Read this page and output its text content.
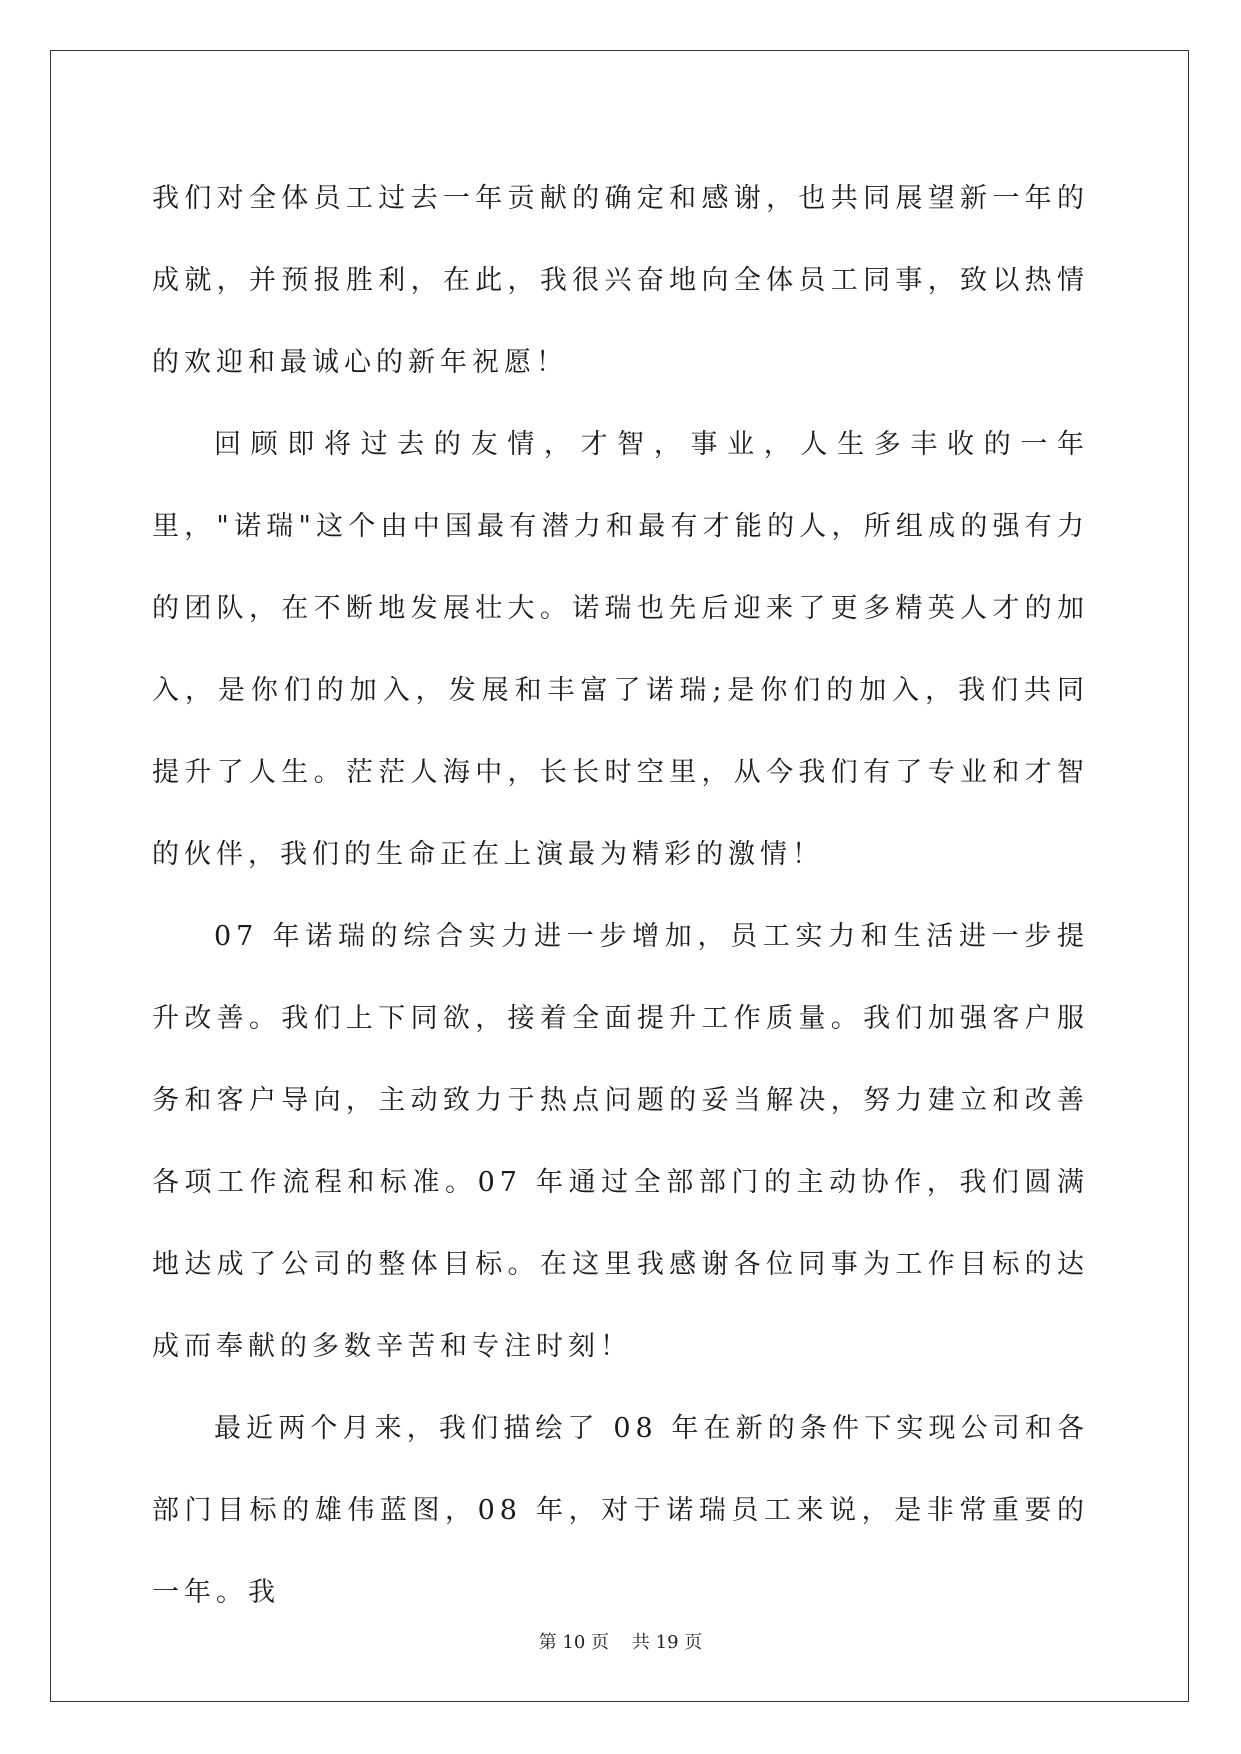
我们对全体员工过去一年贡献的确定和感谢，也共同展望新一年的成就，并预报胜利，在此，我很兴奋地向全体员工同事，致以热情的欢迎和最诚心的新年祝愿！

回顾即将过去的友情，才智，事业，人生多丰收的一年里，"诺瑞"这个由中国最有潜力和最有才能的人，所组成的强有力的团队，在不断地发展壮大。诺瑞也先后迎来了更多精英人才的加入，是你们的加入，发展和丰富了诺瑞;是你们的加入，我们共同提升了人生。茫茫人海中，长长时空里，从今我们有了专业和才智的伙伴，我们的生命正在上演最为精彩的激情！

07 年诺瑞的综合实力进一步增加，员工实力和生活进一步提升改善。我们上下同欲，接着全面提升工作质量。我们加强客户服务和客户导向，主动致力于热点问题的妥当解决，努力建立和改善各项工作流程和标准。07 年通过全部部门的主动协作，我们圆满地达成了公司的整体目标。在这里我感谢各位同事为工作目标的达成而奉献的多数辛苦和专注时刻！

最近两个月来，我们描绘了 08 年在新的条件下实现公司和各部门目标的雄伟蓝图，08 年，对于诺瑞员工来说，是非常重要的一年。我

第 10 页    共 19 页
